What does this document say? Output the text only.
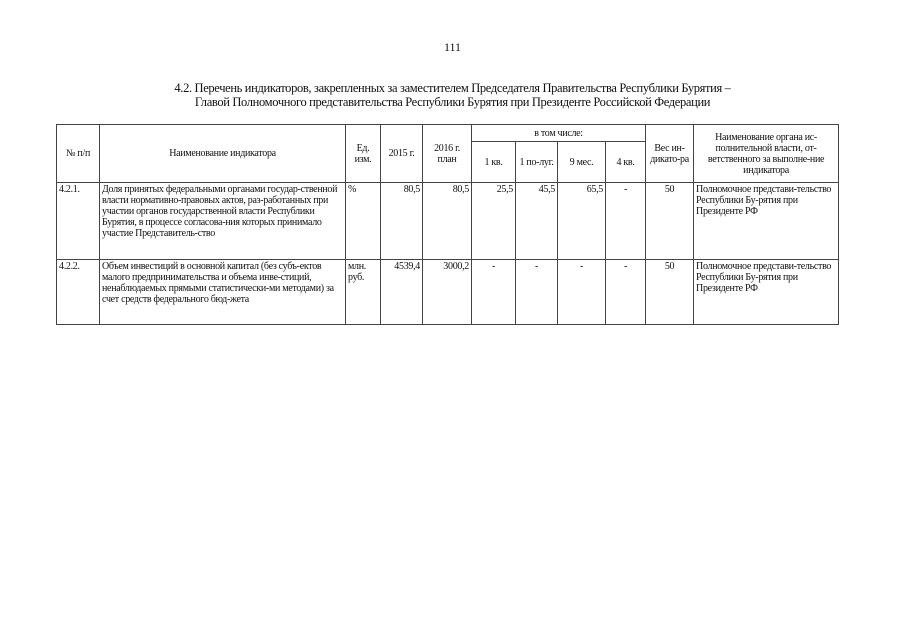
111
4.2. Перечень индикаторов, закрепленных за заместителем Председателя Правительства Республики Бурятия –
Главой Полномочного представительства Республики Бурятия при Президенте Российской Федерации
№ п/п	Наименование индикатора	Ед. изм.	2015 г.	2016 г. план	в том числе:				Вес ин-дикато-ра	Наименование органа ис-полнительной власти, от-ветственного за выполне-ние индикатора
					1 кв.	1 по-луг.	9 мес.	4 кв.		
4.2.1.	Доля принятых федеральными органами государ-ственной власти нормативно-правовых актов, раз-работанных при участии органов государственной власти Республики Бурятия, в процессе согласова-ния которых принимало участие Представитель-ство	%	80,5	80,5	25,5	45,5	65,5	-	50	Полномочное представи-тельство Республики Бу-рятия при Президенте РФ
4.2.2.	Объем инвестиций в основной капитал (без субъ-ектов малого предпринимательства и объема инве-стиций, ненаблюдаемых прямыми статистически-ми методами) за счет средств федерального бюд-жета	млн. руб.	4539,4	3000,2	-	-	-	-	50	Полномочное представи-тельство Республики Бу-рятия при Президенте РФ
